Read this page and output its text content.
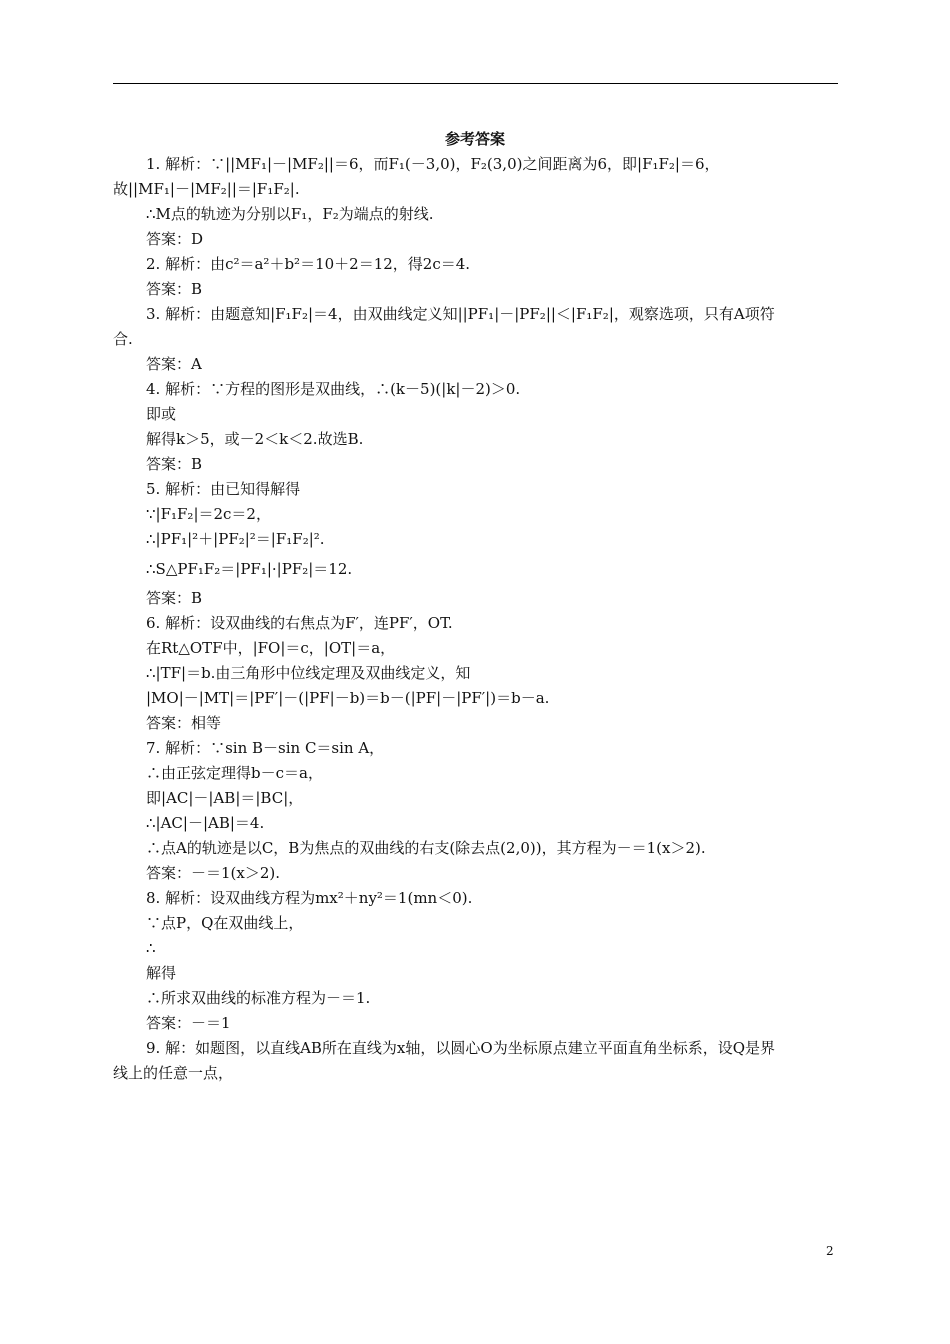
参考答案
1. 解析：∵||MF₁|－|MF₂||＝6，而F₁(－3,0)，F₂(3,0)之间距离为6，即|F₁F₂|＝6，
故||MF₁|－|MF₂||＝|F₁F₂|.
∴M点的轨迹为分别以F₁，F₂为端点的射线.
答案：D
2. 解析：由c²＝a²＋b²＝10＋2＝12，得2c＝4.
答案：B
3. 解析：由题意知|F₁F₂|＝4，由双曲线定义知||PF₁|－|PF₂||＜|F₁F₂|，观察选项，只有A项符
合.
答案：A
4. 解析：∵方程的图形是双曲线，∴(k－5)(|k|－2)＞0.
即或
解得k＞5，或－2＜k＜2.故选B.
答案：B
5. 解析：由已知得解得
∵|F₁F₂|＝2c＝2，
∴|PF₁|²＋|PF₂|²＝|F₁F₂|².
∴S△PF₁F₂＝|PF₁|·|PF₂|＝12.
答案：B
6. 解析：设双曲线的右焦点为F′，连PF′，OT.
在Rt△OTF中，|FO|＝c，|OT|＝a，
∴|TF|＝b.由三角形中位线定理及双曲线定义，知
|MO|－|MT|＝|PF′|－(|PF|－b)＝b－(|PF|－|PF′|)＝b－a.
答案：相等
7. 解析：∵sin B－sin C＝sin A，
∴由正弦定理得b－c＝a，
即|AC|－|AB|＝|BC|，
∴|AC|－|AB|＝4.
∴点A的轨迹是以C，B为焦点的双曲线的右支(除去点(2,0))，其方程为－＝1(x＞2).
答案：－＝1(x＞2).
8. 解析：设双曲线方程为mx²＋ny²＝1(mn＜0).
∵点P，Q在双曲线上，
∴
解得
∴所求双曲线的标准方程为－＝1.
答案：－＝1
9. 解：如题图，以直线AB所在直线为x轴，以圆心O为坐标原点建立平面直角坐标系，设Q是界
线上的任意一点，
2
